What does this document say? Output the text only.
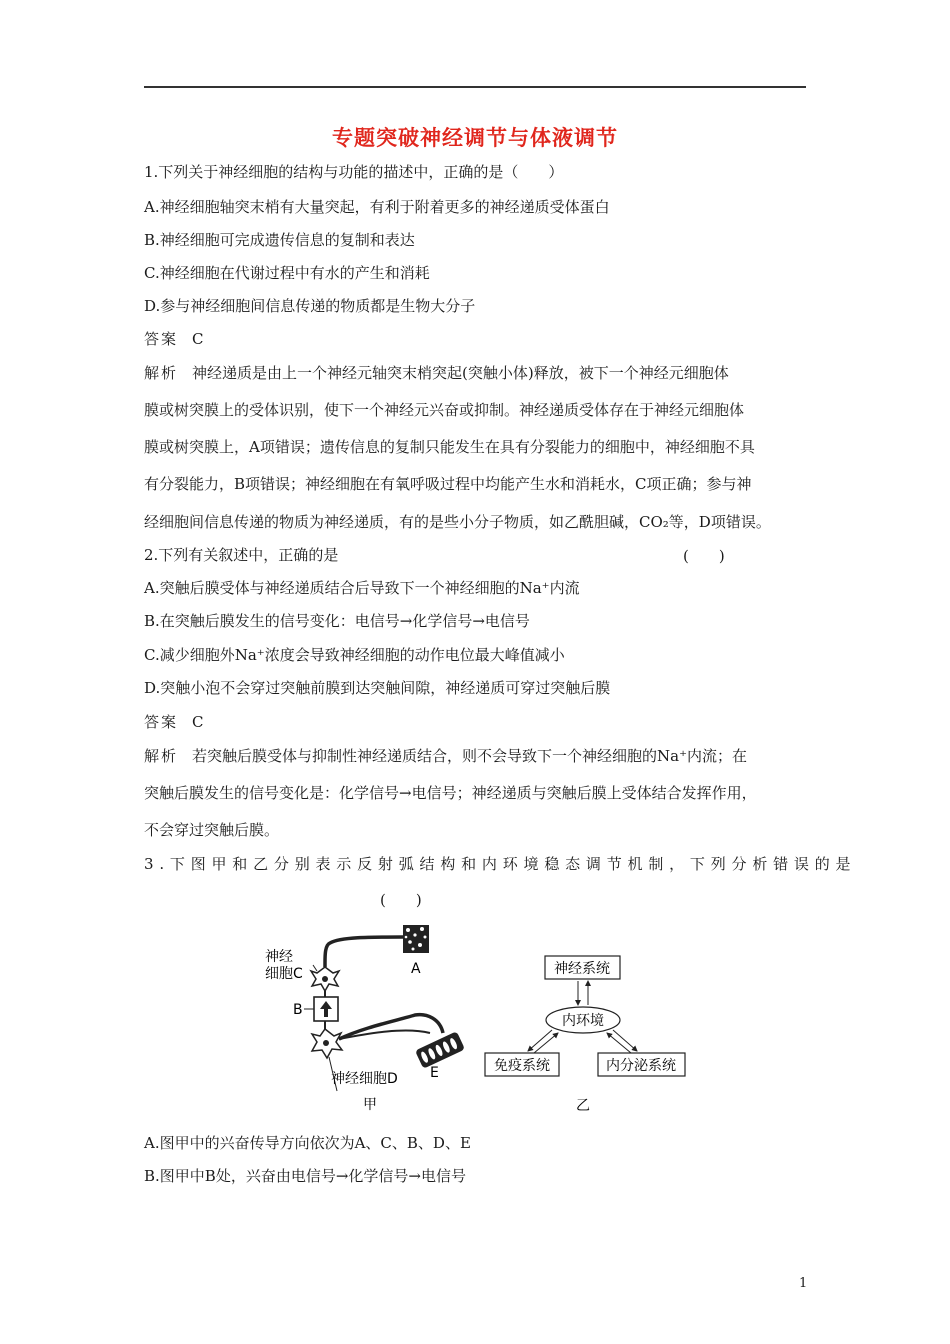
专题突破神经调节与体液调节
1.下列关于神经细胞的结构与功能的描述中，正确的是（　　）
A.神经细胞轴突末梢有大量突起，有利于附着更多的神经递质受体蛋白
B.神经细胞可完成遗传信息的复制和表达
C.神经细胞在代谢过程中有水的产生和消耗
D.参与神经细胞间信息传递的物质都是生物大分子
答案 C
解析 神经递质是由上一个神经元轴突末梢突起(突触小体)释放，被下一个神经元细胞体
膜或树突膜上的受体识别，使下一个神经元兴奋或抑制。神经递质受体存在于神经元细胞体
膜或树突膜上，A项错误；遗传信息的复制只能发生在具有分裂能力的细胞中，神经细胞不具
有分裂能力，B项错误；神经细胞在有氧呼吸过程中均能产生水和消耗水，C项正确；参与神
经细胞间信息传递的物质为神经递质，有的是些小分子物质，如乙酰胆碱，CO₂等，D项错误。
2.下列有关叙述中，正确的是	(　　)
A.突触后膜受体与神经递质结合后导致下一个神经细胞的Na⁺内流
B.在突触后膜发生的信号变化：电信号→化学信号→电信号
C.减少细胞外Na⁺浓度会导致神经细胞的动作电位最大峰值减小
D.突触小泡不会穿过突触前膜到达突触间隙，神经递质可穿过突触后膜
答案 C
解析 若突触后膜受体与抑制性神经递质结合，则不会导致下一个神经细胞的Na⁺内流；在
突触后膜发生的信号变化是：化学信号→电信号；神经递质与突触后膜上受体结合发挥作用，
不会穿过突触后膜。
3.下图甲和乙分别表示反射弧结构和内环境稳态调节机制，下列分析错误的是
(　　)
神经
细胞C
B
A
E
神经细胞D
甲
神经系统
内环境
免疫系统	内分泌系统
乙
A.图甲中的兴奋传导方向依次为A、C、B、D、E
B.图甲中B处，兴奋由电信号→化学信号→电信号
1
